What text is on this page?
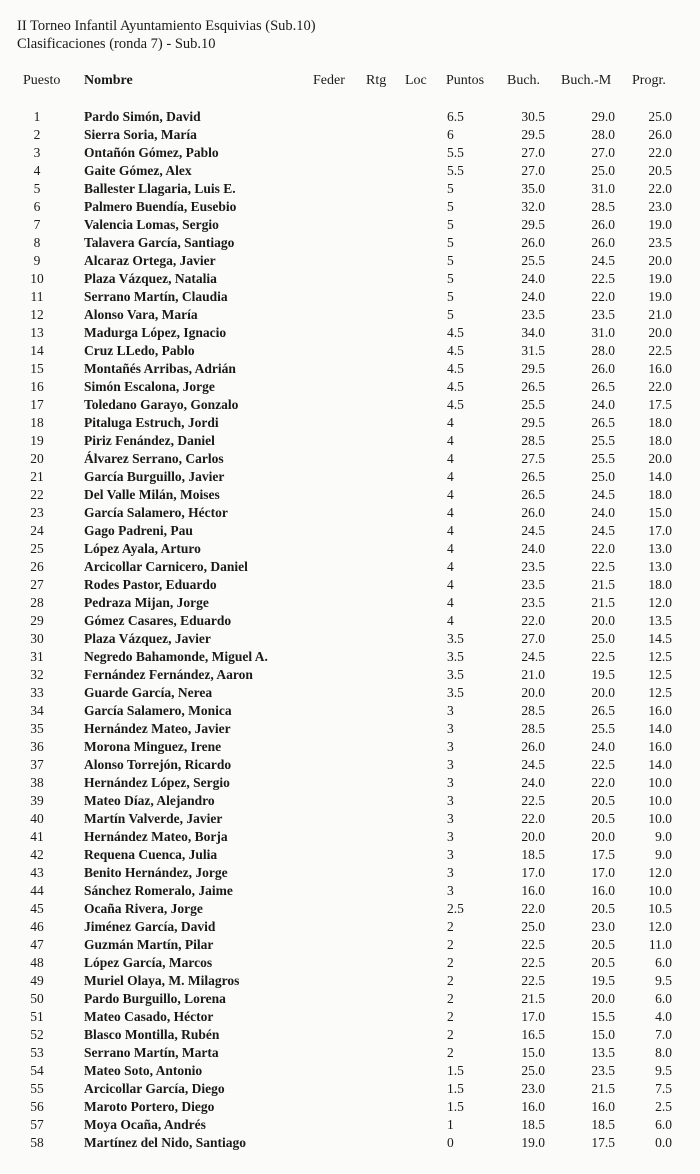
II Torneo Infantil Ayuntamiento Esquivias (Sub.10)
Clasificaciones (ronda 7) - Sub.10
Puesto Nombre	Feder Rtg Loc Puntos Buch. Buch.-M Progr.
1	Pardo Simón, David	6.5	30.5	29.0 25.0
2	Sierra Soria, María	6	29.5	28.0 26.0
3	Ontañón Gómez, Pablo	5.5	27.0	27.0 22.0
4	Gaite Gómez, Alex	5.5	27.0	25.0 20.5
5	Ballester Llagaria, Luis E.	5	35.0	31.0 22.0
6	Palmero Buendía, Eusebio	5	32.0	28.5 23.0
7	Valencia Lomas, Sergio	5	29.5	26.0 19.0
8	Talavera García, Santiago	5	26.0	26.0 23.5
9	Alcaraz Ortega, Javier	5	25.5	24.5 20.0
10	Plaza Vázquez, Natalia	5	24.0	22.5 19.0
11	Serrano Martín, Claudia	5	24.0	22.0 19.0
12	Alonso Vara, María	5	23.5	23.5 21.0
13	Madurga López, Ignacio	4.5	34.0	31.0 20.0
14	Cruz LLedo, Pablo	4.5	31.5	28.0 22.5
15	Montañés Arribas, Adrián	4.5	29.5	26.0 16.0
16	Simón Escalona, Jorge	4.5	26.5	26.5 22.0
17	Toledano Garayo, Gonzalo	4.5	25.5	24.0 17.5
18	Pitaluga Estruch, Jordi	4	29.5	26.5 18.0
19	Piriz Fenández, Daniel	4	28.5	25.5 18.0
20	Álvarez Serrano, Carlos	4	27.5	25.5 20.0
21	García Burguillo, Javier	4	26.5	25.0 14.0
22	Del Valle Milán, Moises	4	26.5	24.5 18.0
23	García Salamero, Héctor	4	26.0	24.0 15.0
24	Gago Padreni, Pau	4	24.5	24.5 17.0
25	López Ayala, Arturo	4	24.0	22.0 13.0
26	Arcicollar Carnicero, Daniel	4	23.5	22.5 13.0
27	Rodes Pastor, Eduardo	4	23.5	21.5 18.0
28	Pedraza Mijan, Jorge	4	23.5	21.5 12.0
29	Gómez Casares, Eduardo	4	22.0	20.0 13.5
30	Plaza Vázquez, Javier	3.5	27.0	25.0 14.5
31	Negredo Bahamonde, Miguel A.	3.5	24.5	22.5 12.5
32	Fernández Fernández, Aaron	3.5	21.0	19.5 12.5
33	Guarde García, Nerea	3.5	20.0	20.0 12.5
34	García Salamero, Monica	3	28.5	26.5 16.0
35	Hernández Mateo, Javier	3	28.5	25.5 14.0
36	Morona Minguez, Irene	3	26.0	24.0 16.0
37	Alonso Torrejón, Ricardo	3	24.5	22.5 14.0
38	Hernández López, Sergio	3	24.0	22.0 10.0
39	Mateo Díaz, Alejandro	3	22.5	20.5 10.0
40	Martín Valverde, Javier	3	22.0	20.5 10.0
41	Hernández Mateo, Borja	3	20.0	20.0	9.0
42	Requena Cuenca, Julia	3	18.5	17.5	9.0
43	Benito Hernández, Jorge	3	17.0	17.0 12.0
44	Sánchez Romeralo, Jaime	3	16.0	16.0 10.0
45	Ocaña Rivera, Jorge	2.5	22.0	20.5 10.5
46	Jiménez García, David	2	25.0	23.0 12.0
47	Guzmán Martín, Pilar	2	22.5	20.5	11.0
48	López García, Marcos	2	22.5	20.5	6.0
49	Muriel Olaya, M. Milagros	2	22.5	19.5	9.5
50	Pardo Burguillo, Lorena	2	21.5	20.0	6.0
51	Mateo Casado, Héctor	2	17.0	15.5	4.0
52	Blasco Montilla, Rubén	2	16.5	15.0	7.0
53	Serrano Martín, Marta	2	15.0	13.5	8.0
54	Mateo Soto, Antonio	1.5	25.0	23.5	9.5
55	Arcicollar García, Diego	1.5	23.0	21.5	7.5
56	Maroto Portero, Diego	1.5	16.0	16.0	2.5
57	Moya Ocaña, Andrés	1	18.5	18.5	6.0
58	Martínez del Nido, Santiago	0	19.0	17.5	0.0
